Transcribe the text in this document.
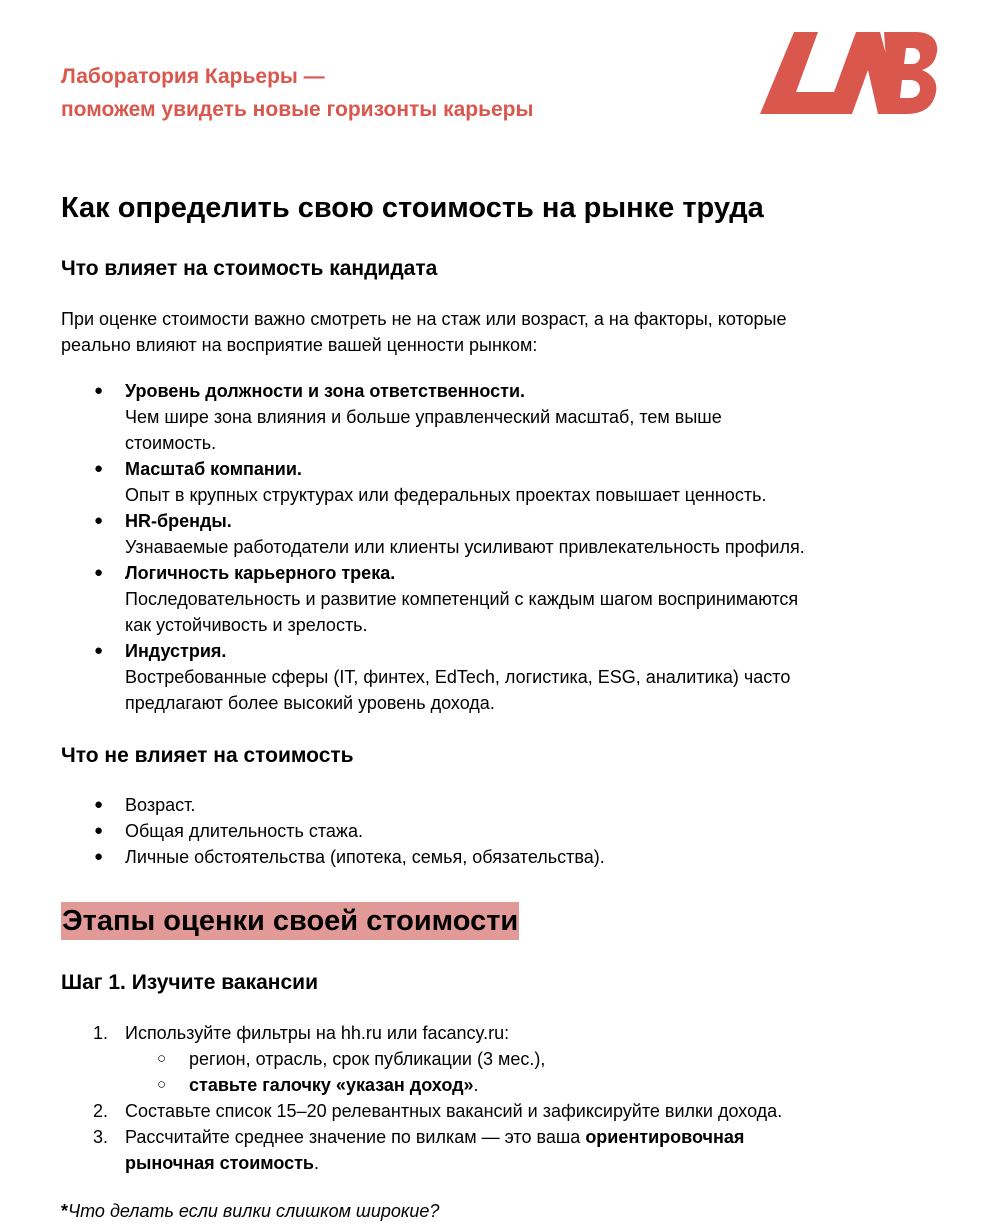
Лаборатория Карьеры —
поможем увидеть новые горизонты карьеры
Как определить свою стоимость на рынке труда
Что влияет на стоимость кандидата
При оценке стоимости важно смотреть не на стаж или возраст, а на факторы, которые
реально влияют на восприятие вашей ценности рынком:
● Уровень должности и зона ответственности.
Чем шире зона влияния и больше управленческий масштаб, тем выше
стоимость.
● Масштаб компании.
Опыт в крупных структурах или федеральных проектах повышает ценность.
● HR-бренды.
Узнаваемые работодатели или клиенты усиливают привлекательность профиля.
● Логичность карьерного трека.
Последовательность и развитие компетенций с каждым шагом воспринимаются
как устойчивость и зрелость.
● Индустрия.
Востребованные сферы (IT, финтех, EdTech, логистика, ESG, аналитика) часто
предлагают более высокий уровень дохода.
Что не влияет на стоимость
● Возраст.
● Общая длительность стажа.
● Личные обстоятельства (ипотека, семья, обязательства).
Этапы оценки своей стоимости
Шаг 1. Изучите вакансии
1. Используйте фильтры на hh.ru или facancy.ru:
○ регион, отрасль, срок публикации (3 мес.),
○ ставьте галочку «указан доход».
2. Составьте список 15–20 релевантных вакансий и зафиксируйте вилки дохода.
3. Рассчитайте среднее значение по вилкам — это ваша ориентировочная
рыночная стоимость.
*Что делать если вилки слишком широкие?
